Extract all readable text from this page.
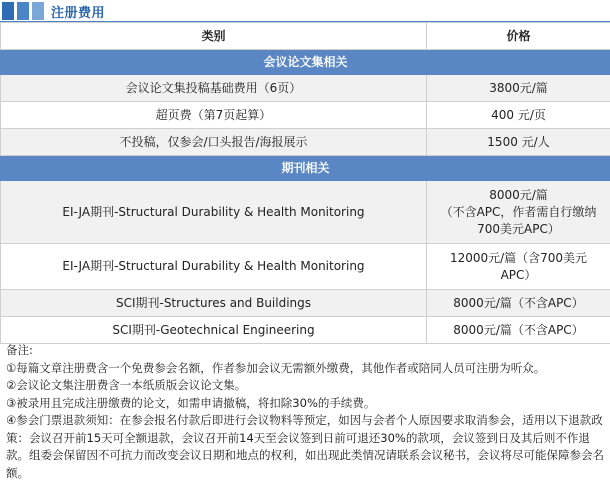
注册费用
类别	价格
会议论文集相关	
会议论文集投稿基础费用（6页）	3800元/篇
超页费（第7页起算）	400 元/页
不投稿，仅参会/口头报告/海报展示	1500 元/人
期刊相关	
EI-JA期刊-Structural Durability & Health Monitoring	8000元/篇
（不含APC，作者需自行缴纳
700美元APC）

EI-JA期刊-Structural Durability & Health Monitoring	12000元/篇（含700美元
APC）

SCI期刊-Structures and Buildings	8000元/篇（不含APC）
SCI期刊-Geotechnical Engineering	8000元/篇（不含APC）

备注:

①每篇文章注册费含一个免费参会名额，作者参加会议无需额外缴费，其他作者或陪同人员可注册为听众。

②会议论文集注册费含一本纸质版会议论文集。

③被录用且完成注册缴费的论文，如需申请撤稿，将扣除30%的手续费。

④参会门票退款须知：在参会报名付款后即进行会议物料等预定，如因与会者个人原因要求取消参会，适用以下退款政策：会议召开前15天可全额退款，会议召开前14天至会议签到日前可退还30%的款项，会议签到日及其后则不作退款。组委会保留因不可抗力而改变会议日期和地点的权利，如出现此类情况请联系会议秘书，会议将尽可能保障参会名额。
